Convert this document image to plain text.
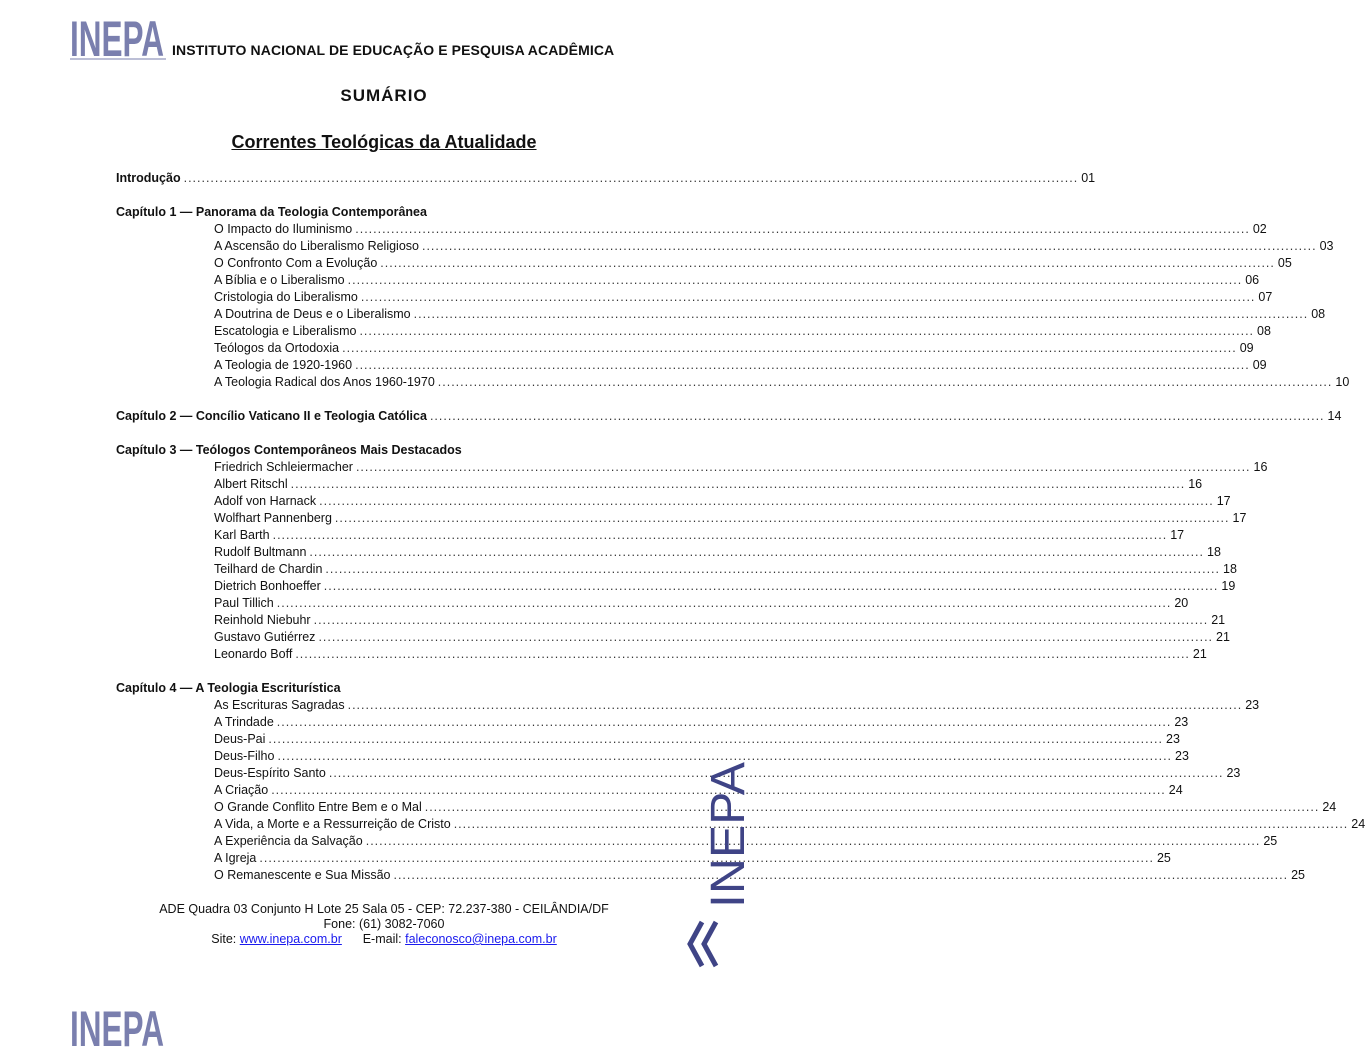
INEPA INSTITUTO NACIONAL DE EDUCAÇÃO E PESQUISA ACADÊMICA
SUMÁRIO
Correntes Teológicas da Atualidade
Introdução .....	01
Capítulo 1 — Panorama da Teologia Contemporânea
O Impacto do Iluminismo .....	02
A Ascensão do Liberalismo Religioso .....	03
O Confronto Com a Evolução .....	05
A Bíblia e o Liberalismo .....	06
Cristologia do Liberalismo .....	07
A Doutrina de Deus e o Liberalismo .....	08
Escatologia e Liberalismo .....	08
Teólogos da Ortodoxia .....	09
A Teologia de 1920-1960 .....	09
A Teologia Radical dos Anos 1960-1970 .....	10
Capítulo 2 — Concílio Vaticano II e Teologia Católica .....	14
Capítulo 3 — Teólogos Contemporâneos Mais Destacados
Friedrich Schleiermacher .....	16
Albert Ritschl .....	16
Adolf von Harnack .....	17
Wolfhart Pannenberg .....	17
Karl Barth .....	17
Rudolf Bultmann .....	18
Teilhard de Chardin .....	18
Dietrich Bonhoeffer .....	19
Paul Tillich .....	20
Reinhold Niebuhr .....	21
Gustavo Gutiérrez .....	21
Leonardo Boff .....	21
Capítulo 4 — A Teologia Escriturística
As Escrituras Sagradas .....	23
A Trindade .....	23
Deus-Pai .....	23
Deus-Filho .....	23
Deus-Espírito Santo .....	23
A Criação .....	24
O Grande Conflito Entre Bem e o Mal .....	24
A Vida, a Morte e a Ressurreição de Cristo .....	24
A Experiência da Salvação .....	25
A Igreja .....	25
O Remanescente e Sua Missão .....	25
ADE Quadra 03 Conjunto H Lote 25 Sala 05 - CEP: 72.237-380 - CEILÂNDIA/DF
Fone: (61) 3082-7060
Site: www.inepa.com.br E-mail: faleconosco@inepa.com.br
INEPA
INEPA
